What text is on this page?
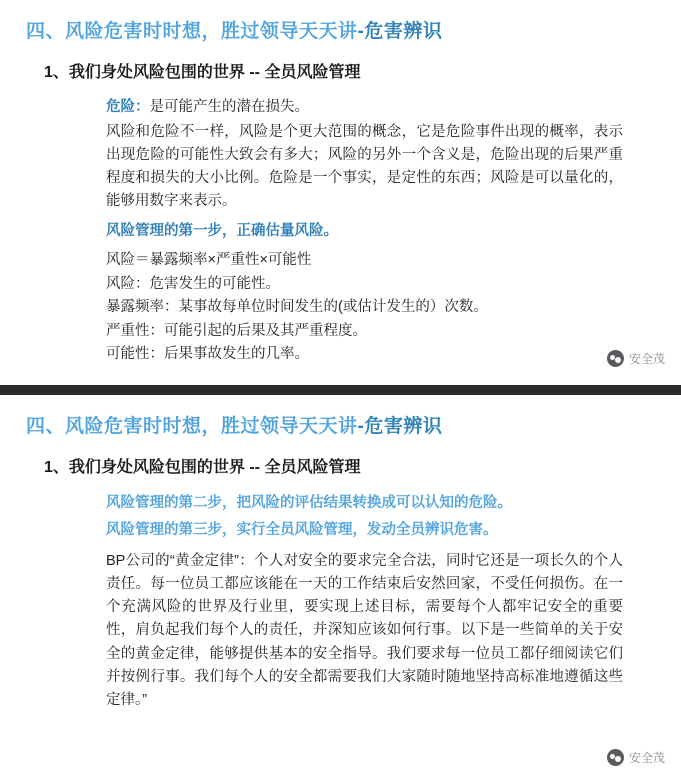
四、风险危害时时想，胜过领导天天讲-危害辨识
1、我们身处风险包围的世界 -- 全员风险管理

危险：是可能产生的潜在损失。

风险和危险不一样，风险是个更大范围的概念，它是危险事件出现的概率，表示出现危险的可能性大致会有多大；风险的另外一个含义是，危险出现的后果严重程度和损失的大小比例。危险是一个事实，是定性的东西；风险是可以量化的，能够用数字来表示。

风险管理的第一步，正确估量风险。

风险＝暴露频率×严重性×可能性

风险：危害发生的可能性。

暴露频率：某事故每单位时间发生的(或估计发生的）次数。

严重性：可能引起的后果及其严重程度。

可能性：后果事故发生的几率。	安全茂
四、风险危害时时想，胜过领导天天讲-危害辨识
1、我们身处风险包围的世界 -- 全员风险管理

风险管理的第二步，把风险的评估结果转换成可以认知的危险。

风险管理的第三步，实行全员风险管理，发动全员辨识危害。

BP公司的“黄金定律”：个人对安全的要求完全合法，同时它还是一项长久的个人责任。每一位员工都应该能在一天的工作结束后安然回家，不受任何损伤。在一个充满风险的世界及行业里，要实现上述目标，需要每个人都牢记安全的重要性，肩负起我们每个人的责任，并深知应该如何行事。以下是一些简单的关于安全的黄金定律，能够提供基本的安全指导。我们要求每一位员工都仔细阅读它们并按例行事。我们每个人的安全都需要我们大家随时随地坚持高标准地遵循这些定律。”

安全茂
